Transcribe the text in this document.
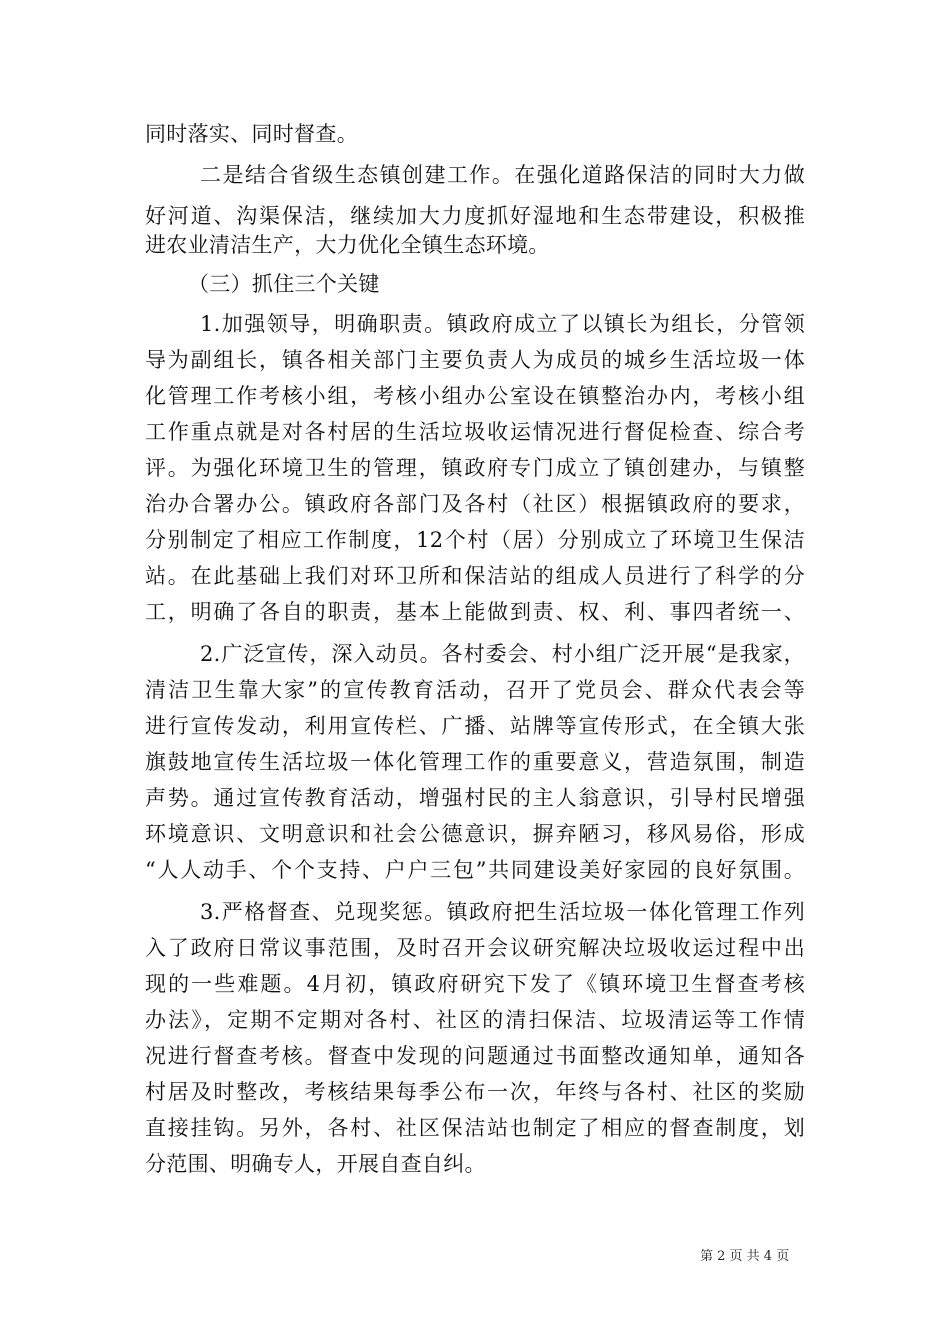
同时落实、同时督查。
二是结合省级生态镇创建工作。在强化道路保洁的同时大力做
好河道、沟渠保洁，继续加大力度抓好湿地和生态带建设，积极推
进农业清洁生产，大力优化全镇生态环境。
（三）抓住三个关键
1.加强领导，明确职责。镇政府成立了以镇长为组长，分管领
导为副组长，镇各相关部门主要负责人为成员的城乡生活垃圾一体
化管理工作考核小组，考核小组办公室设在镇整治办内，考核小组
工作重点就是对各村居的生活垃圾收运情况进行督促检查、综合考
评。为强化环境卫生的管理，镇政府专门成立了镇创建办，与镇整
治办合署办公。镇政府各部门及各村（社区）根据镇政府的要求，
分别制定了相应工作制度，12个村（居）分别成立了环境卫生保洁
站。在此基础上我们对环卫所和保洁站的组成人员进行了科学的分
工，明确了各自的职责，基本上能做到责、权、利、事四者统一、
2.广泛宣传，深入动员。各村委会、村小组广泛开展“是我家，
清洁卫生靠大家”的宣传教育活动，召开了党员会、群众代表会等
进行宣传发动，利用宣传栏、广播、站牌等宣传形式，在全镇大张
旗鼓地宣传生活垃圾一体化管理工作的重要意义，营造氛围，制造
声势。通过宣传教育活动，增强村民的主人翁意识，引导村民增强
环境意识、文明意识和社会公德意识，摒弃陋习，移风易俗，形成
“人人动手、个个支持、户户三包”共同建设美好家园的良好氛围。
3.严格督查、兑现奖惩。镇政府把生活垃圾一体化管理工作列
入了政府日常议事范围，及时召开会议研究解决垃圾收运过程中出
现的一些难题。4月初，镇政府研究下发了《镇环境卫生督查考核
办法》，定期不定期对各村、社区的清扫保洁、垃圾清运等工作情
况进行督查考核。督查中发现的问题通过书面整改通知单，通知各
村居及时整改，考核结果每季公布一次，年终与各村、社区的奖励
直接挂钩。另外，各村、社区保洁站也制定了相应的督查制度，划
分范围、明确专人，开展自查自纠。
第 2 页 共 4 页
